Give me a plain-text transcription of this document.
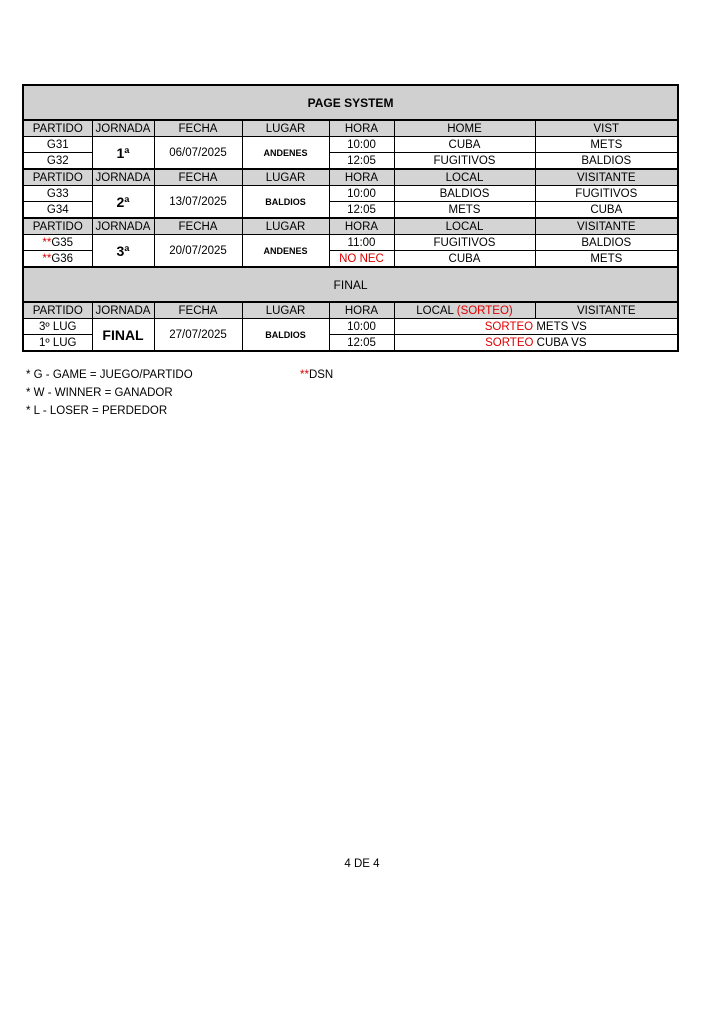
PAGE SYSTEM						
PARTIDO	JORNADA	FECHA	LUGAR	HORA	HOME	VIST
G31	1ª	06/07/2025	ANDENES	10:00	CUBA	METS
G32				12:05	FUGITIVOS	BALDIOS
PARTIDO	JORNADA	FECHA	LUGAR	HORA	LOCAL	VISITANTE
G33	2ª	13/07/2025	BALDIOS	10:00	BALDIOS	FUGITIVOS
G34				12:05	METS	CUBA
PARTIDO	JORNADA	FECHA	LUGAR	HORA	LOCAL	VISITANTE
**G35	3ª	20/07/2025	ANDENES	11:00	FUGITIVOS	BALDIOS
**G36				NO NEC	CUBA	METS
FINAL						
PARTIDO	JORNADA	FECHA	LUGAR	HORA	LOCAL (SORTEO)	VISITANTE
3º LUG	FINAL	27/07/2025	BALDIOS	10:00	SORTEO METS VS	
1º LUG				12:05	SORTEO CUBA VS	
* G - GAME = JUEGO/PARTIDO
* W - WINNER = GANADOR
* L - LOSER = PERDEDOR
**DSN
4 DE 4
